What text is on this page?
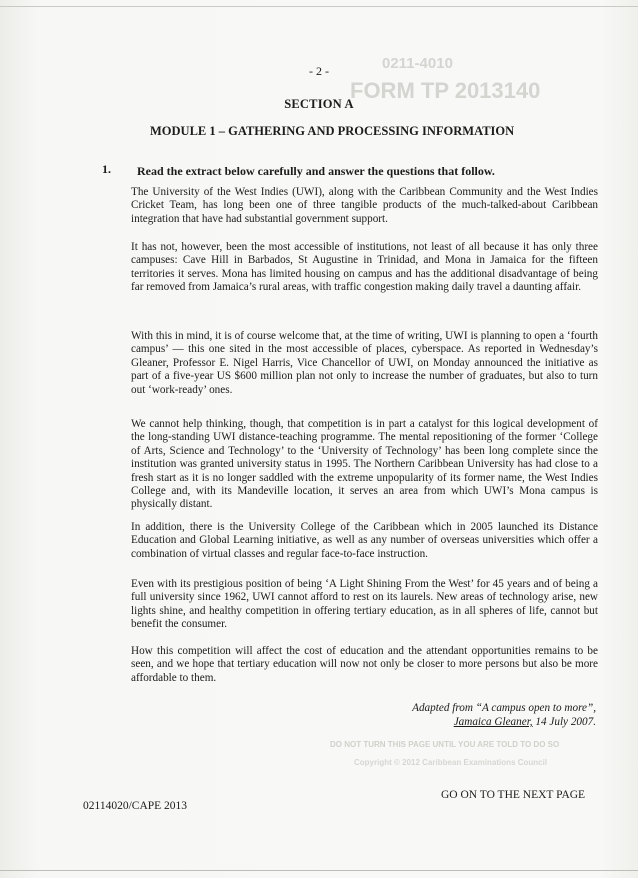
0211-4010
FORM TP 2013140
- 2 -
SECTION A
MODULE 1 – GATHERING AND PROCESSING INFORMATION
1. Read the extract below carefully and answer the questions that follow.

The University of the West Indies (UWI), along with the Caribbean Community and the West Indies Cricket Team, has long been one of three tangible products of the much-talked-about Caribbean integration that have had substantial government support.

It has not, however, been the most accessible of institutions, not least of all because it has only three campuses: Cave Hill in Barbados, St Augustine in Trinidad, and Mona in Jamaica for the fifteen territories it serves. Mona has limited housing on campus and has the additional disadvantage of being far removed from Jamaica’s rural areas, with traffic congestion making daily travel a daunting affair.

With this in mind, it is of course welcome that, at the time of writing, UWI is planning to open a ‘fourth campus’ — this one sited in the most accessible of places, cyberspace. As reported in Wednesday’s Gleaner, Professor E. Nigel Harris, Vice Chancellor of UWI, on Monday announced the initiative as part of a five-year US $600 million plan not only to increase the number of graduates, but also to turn out ‘work-ready’ ones.

We cannot help thinking, though, that competition is in part a catalyst for this logical development of the long-standing UWI distance-teaching programme. The mental repositioning of the former ‘College of Arts, Science and Technology’ to the ‘University of Technology’ has been long complete since the institution was granted university status in 1995. The Northern Caribbean University has had close to a fresh start as it is no longer saddled with the extreme unpopularity of its former name, the West Indies College and, with its Mandeville location, it serves an area from which UWI’s Mona campus is physically distant.

In addition, there is the University College of the Caribbean which in 2005 launched its Distance Education and Global Learning initiative, as well as any number of overseas universities which offer a combination of virtual classes and regular face-to-face instruction.

Even with its prestigious position of being ‘A Light Shining From the West’ for 45 years and of being a full university since 1962, UWI cannot afford to rest on its laurels. New areas of technology arise, new lights shine, and healthy competition in offering tertiary education, as in all spheres of life, cannot but benefit the consumer.

How this competition will affect the cost of education and the attendant opportunities remains to be seen, and we hope that tertiary education will now not only be closer to more persons but also be more affordable to them.

Adapted from “A campus open to more”,
Jamaica Gleaner, 14 July 2007.
DO NOT TURN THIS PAGE UNTIL YOU ARE TOLD TO DO SO
Copyright © 2012 Caribbean Examinations Council
GO ON TO THE NEXT PAGE
02114020/CAPE 2013
